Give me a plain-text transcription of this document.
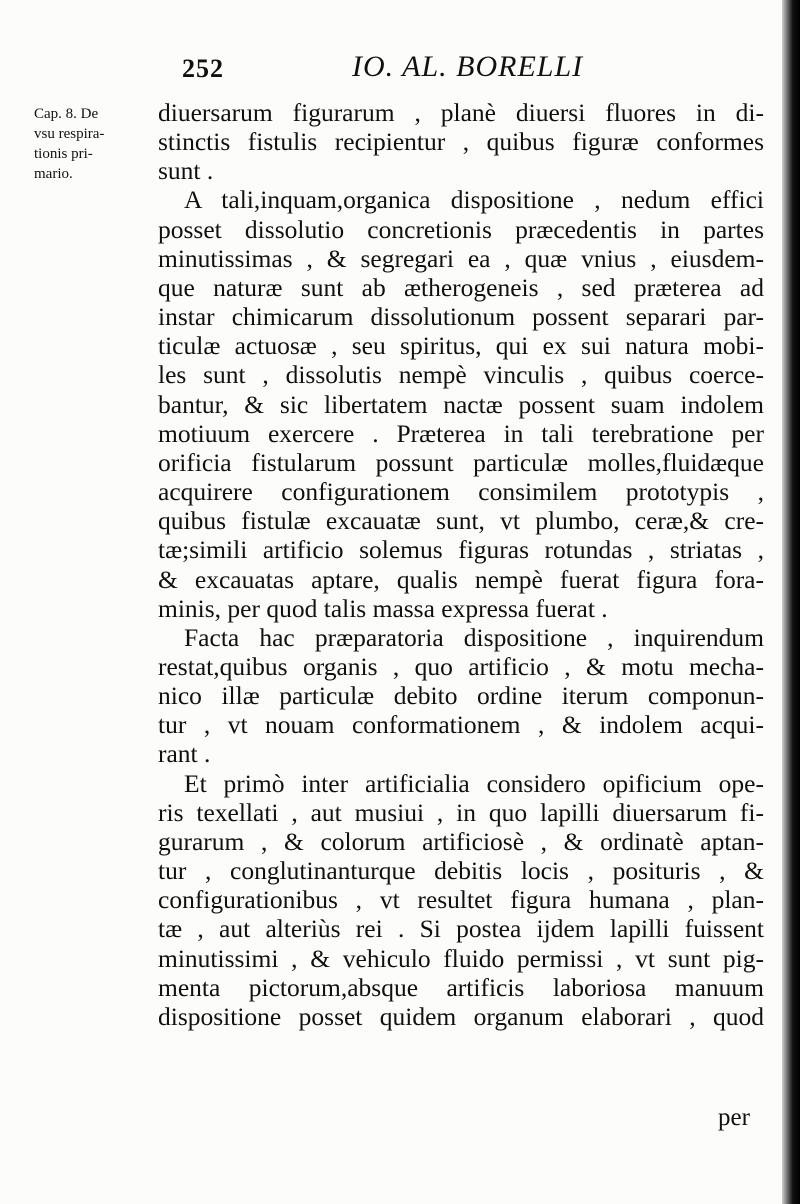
252	IO. AL. BORELLI
Cap. 8. De
vsu respira-
tionis pri-
mario.
diuersarum figurarum , planè diuersi fluores in di-
stinctis fistulis recipientur , quibus figuræ conformes
sunt .
A tali,inquam,organica dispositione , nedum effici
posset dissolutio concretionis præcedentis in partes
minutissimas , & segregari ea , quæ vnius , eiusdem-
que naturæ sunt ab ætherogeneis , sed præterea ad
instar chimicarum dissolutionum possent separari par-
ticulæ actuosæ , seu spiritus, qui ex sui natura mobi-
les sunt , dissolutis nempè vinculis , quibus coerce-
bantur, & sic libertatem nactæ possent suam indolem
motiuum exercere . Præterea in tali terebratione per
orificia fistularum possunt particulæ molles,fluidæque
acquirere configurationem consimilem prototypis ,
quibus fistulæ excauatæ sunt, vt plumbo, ceræ,& cre-
tæ;simili artificio solemus figuras rotundas , striatas ,
& excauatas aptare, qualis nempè fuerat figura fora-
minis, per quod talis massa expressa fuerat .
Facta hac præparatoria dispositione , inquirendum
restat,quibus organis , quo artificio , & motu mecha-
nico illæ particulæ debito ordine iterum componun-
tur , vt nouam conformationem , & indolem acqui-
rant .
Et primò inter artificialia considero opificium ope-
ris texellati , aut musiui , in quo lapilli diuersarum fi-
gurarum , & colorum artificiosè , & ordinatè aptan-
tur , conglutinanturque debitis locis , posituris , &
configurationibus , vt resultet figura humana , plan-
tæ , aut alteriùs rei . Si postea ijdem lapilli fuissent
minutissimi , & vehiculo fluido permissi , vt sunt pig-
menta pictorum,absque artificis laboriosa manuum
dispositione posset quidem organum elaborari , quod
per
